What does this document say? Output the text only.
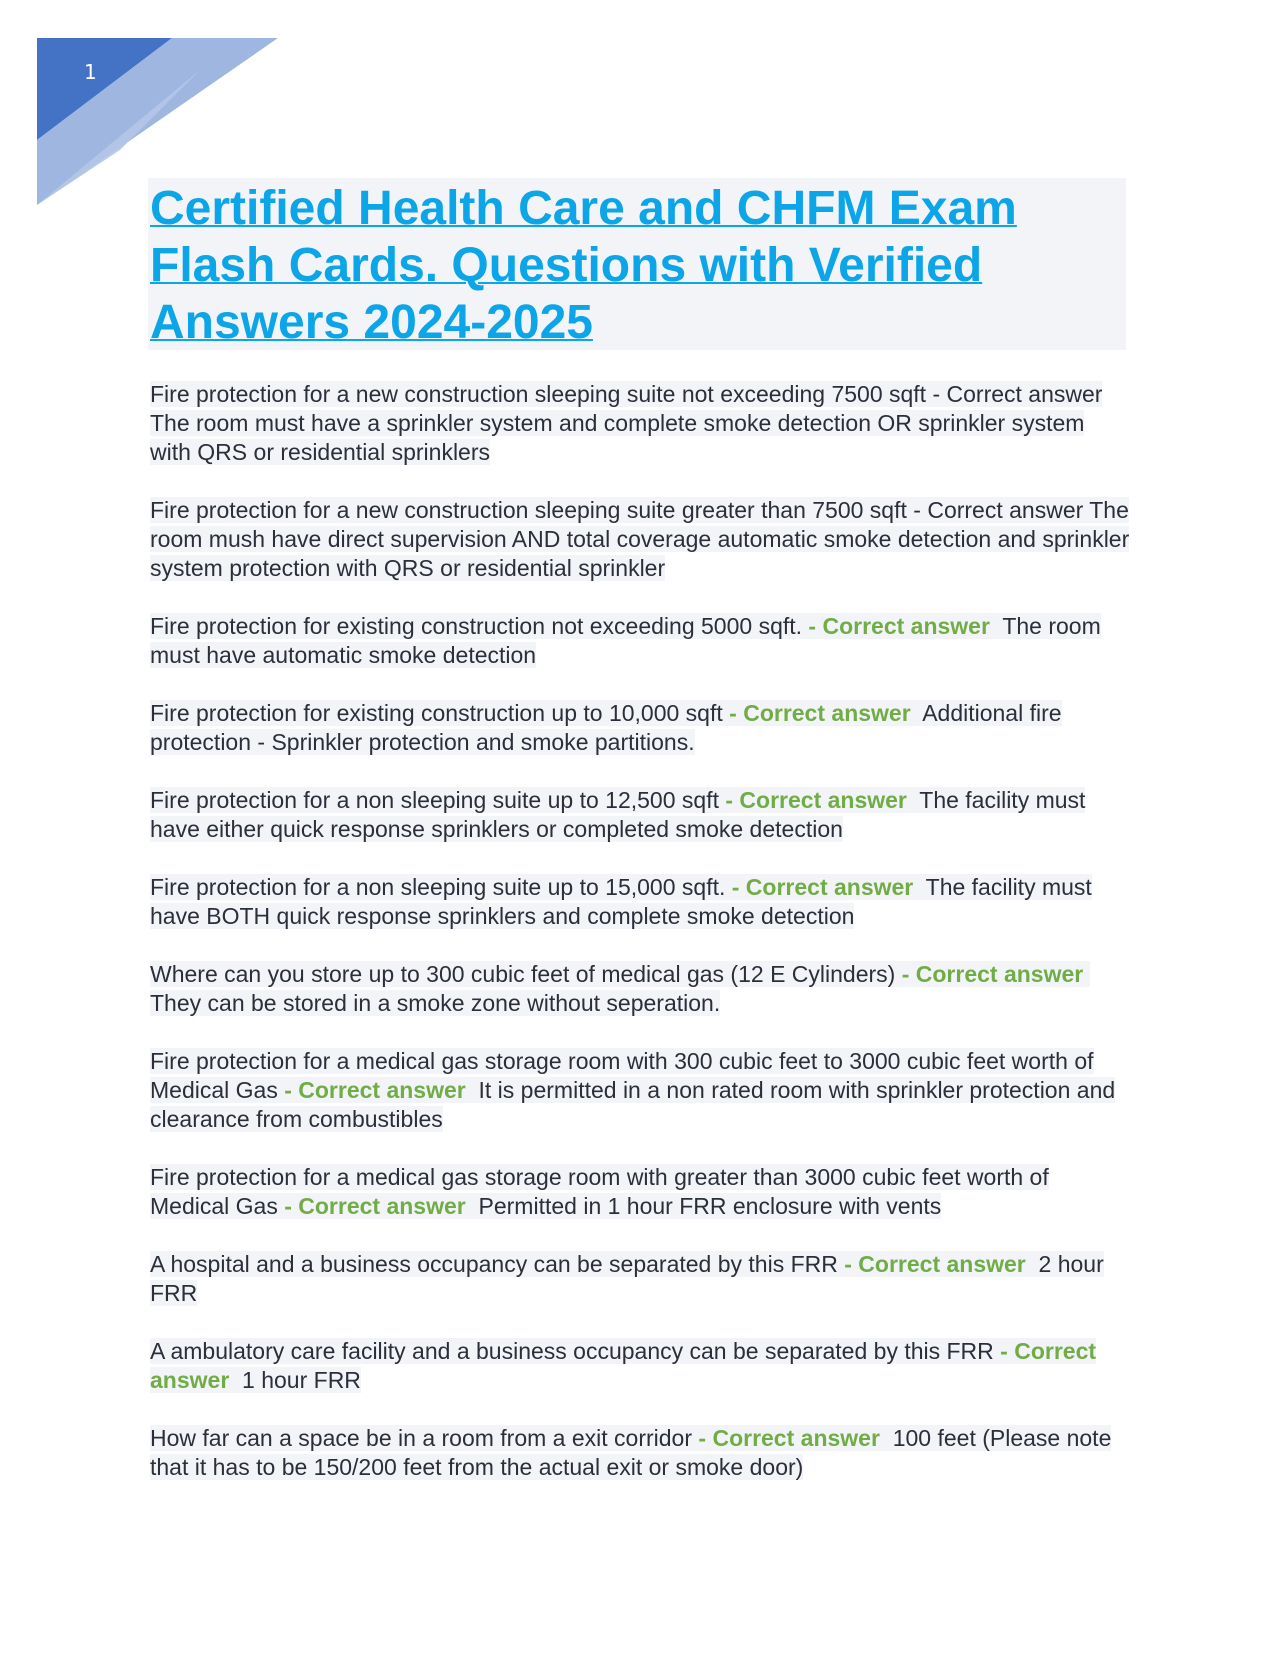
1
Certified Health Care and CHFM Exam Flash Cards. Questions with Verified Answers 2024-2025

Fire protection for a new construction sleeping suite not exceeding 7500 sqft - Correct answer The room must have a sprinkler system and complete smoke detection OR sprinkler system with QRS or residential sprinklers

Fire protection for a new construction sleeping suite greater than 7500 sqft - Correct answer The room mush have direct supervision AND total coverage automatic smoke detection and sprinkler system protection with QRS or residential sprinkler

Fire protection for existing construction not exceeding 5000 sqft. - Correct answer The room must have automatic smoke detection

Fire protection for existing construction up to 10,000 sqft - Correct answer Additional fire protection - Sprinkler protection and smoke partitions.

Fire protection for a non sleeping suite up to 12,500 sqft - Correct answer The facility must have either quick response sprinklers or completed smoke detection

Fire protection for a non sleeping suite up to 15,000 sqft. - Correct answer The facility must have BOTH quick response sprinklers and complete smoke detection

Where can you store up to 300 cubic feet of medical gas (12 E Cylinders) - Correct answer  They can be stored in a smoke zone without seperation.

Fire protection for a medical gas storage room with 300 cubic feet to 3000 cubic feet worth of Medical Gas - Correct answer It is permitted in a non rated room with sprinkler protection and clearance from combustibles

Fire protection for a medical gas storage room with greater than 3000 cubic feet worth of Medical Gas - Correct answer Permitted in 1 hour FRR enclosure with vents

A hospital and a business occupancy can be separated by this FRR - Correct answer 2 hour FRR

A ambulatory care facility and a business occupancy can be separated by this FRR - Correct answer 1 hour FRR

How far can a space be in a room from a exit corridor - Correct answer 100 feet (Please note that it has to be 150/200 feet from the actual exit or smoke door)
